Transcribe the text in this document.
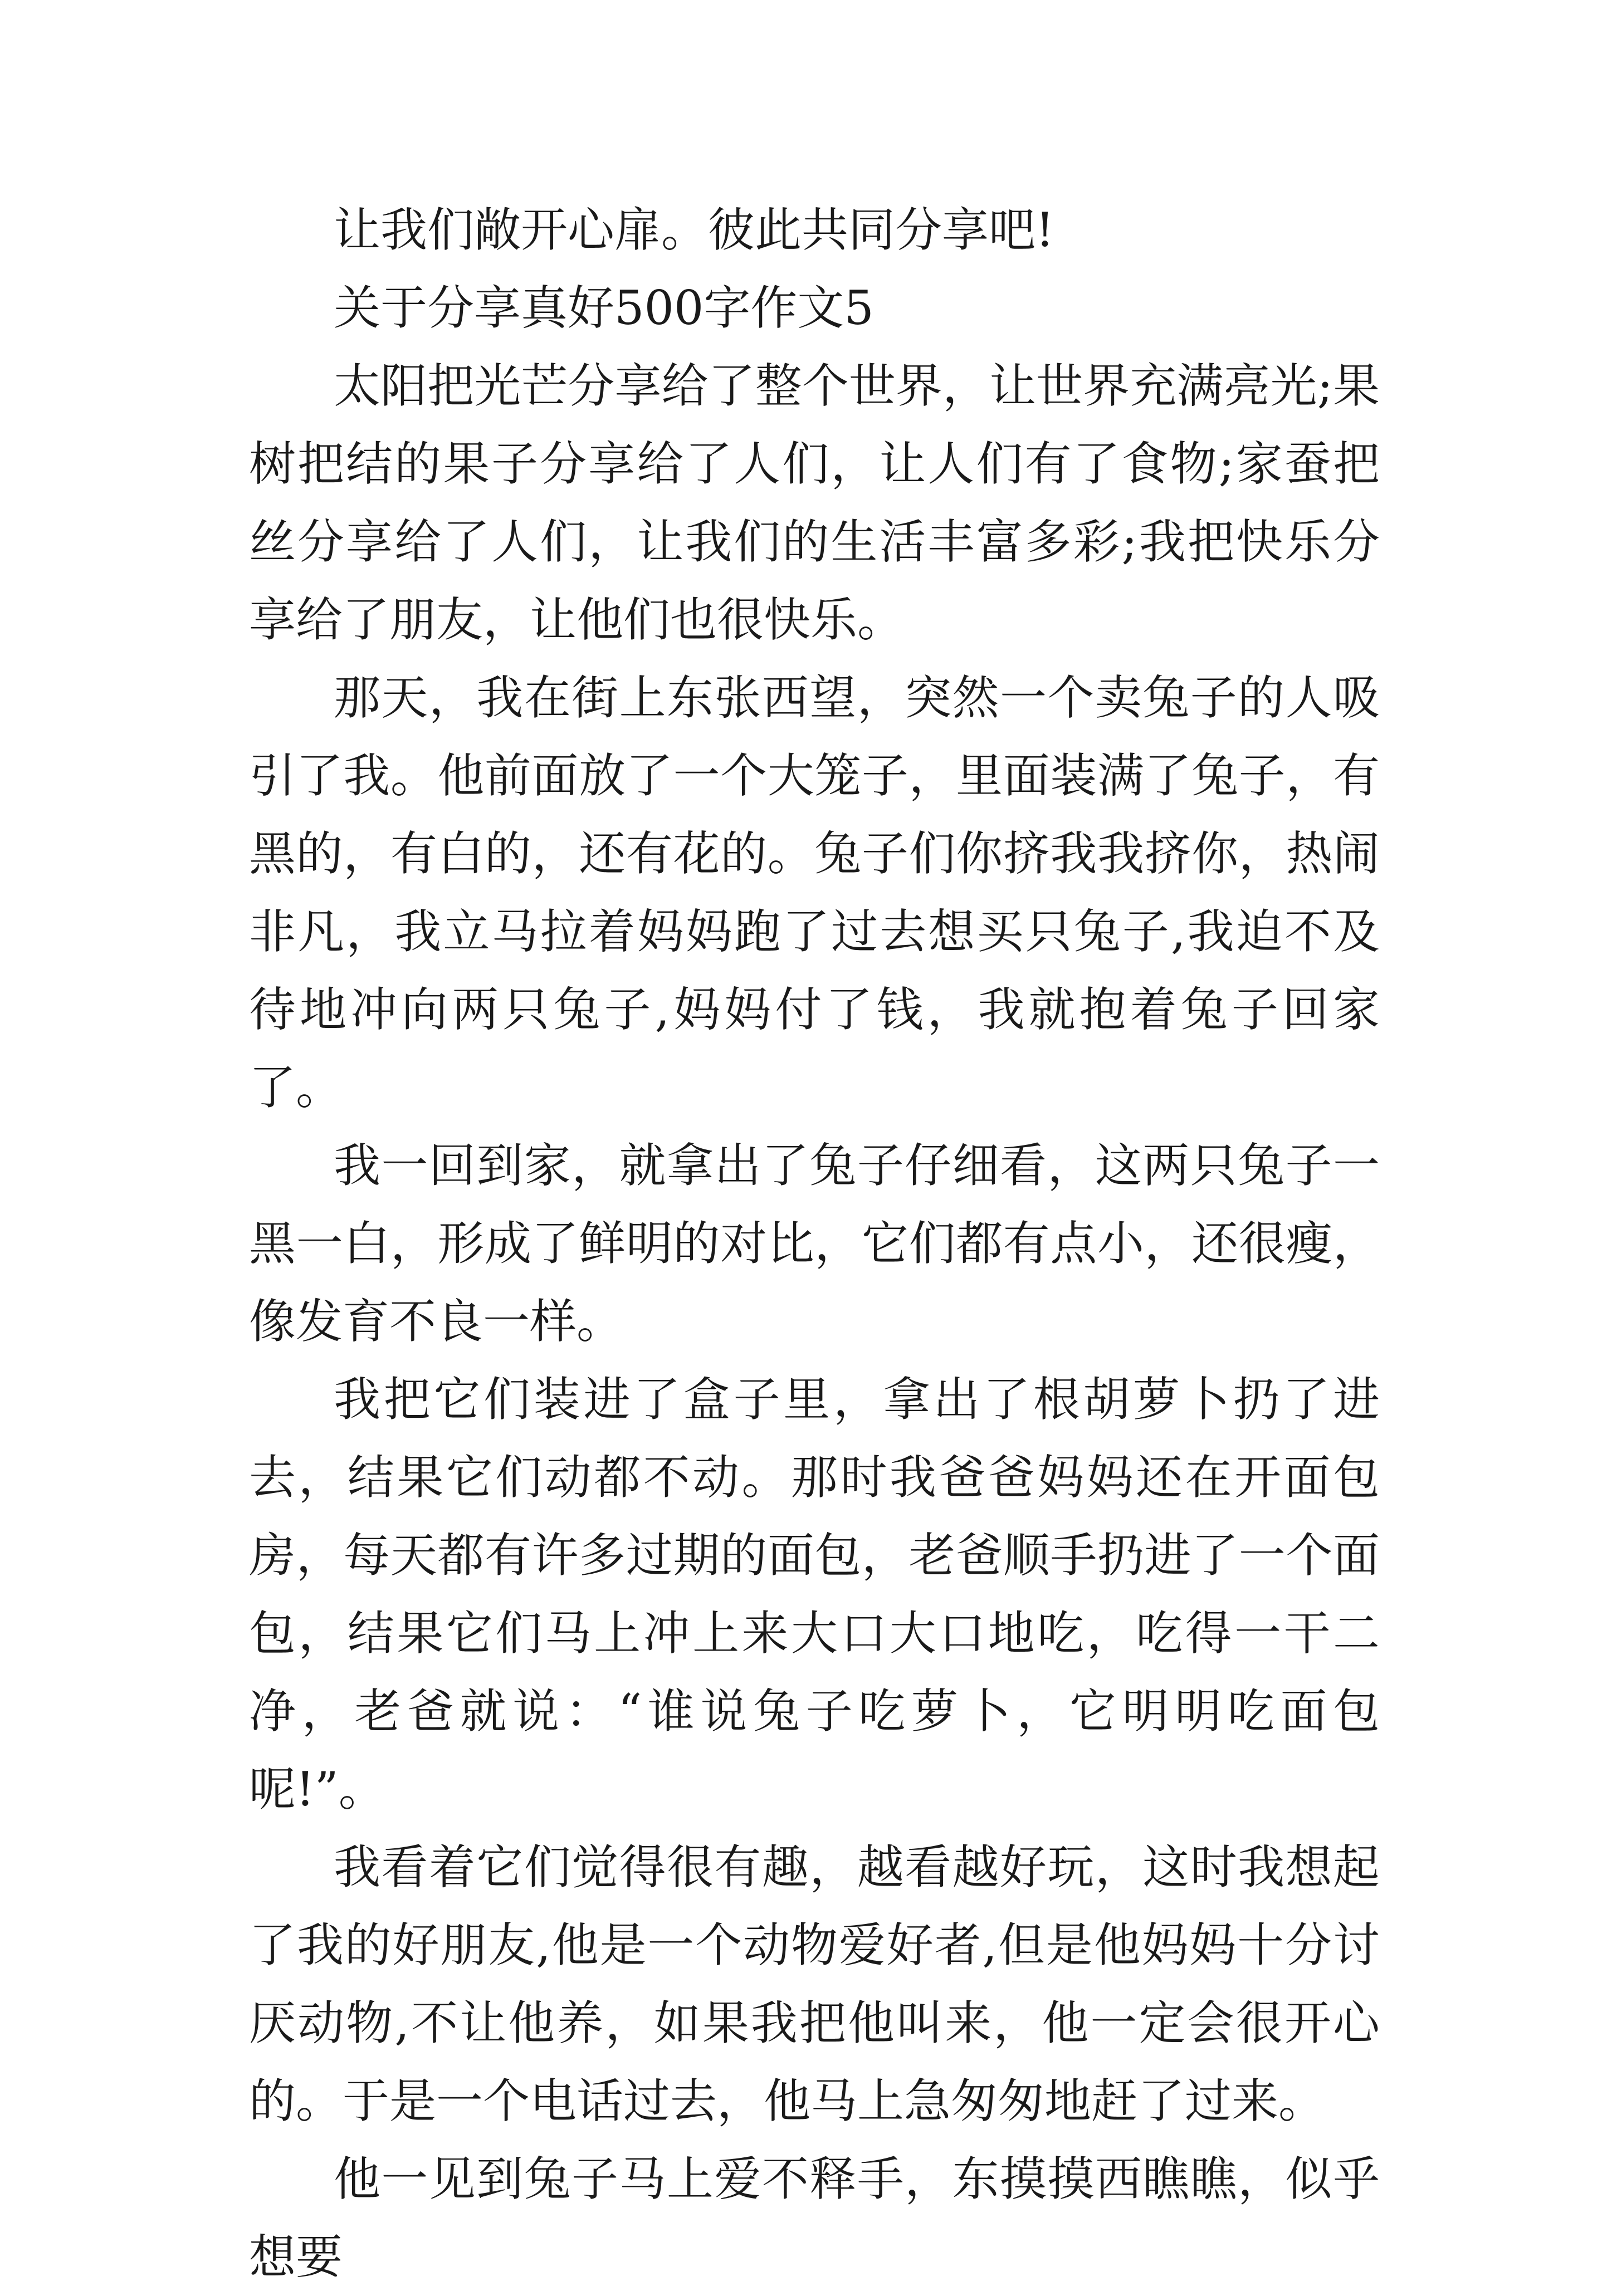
让我们敞开心扉。彼此共同分享吧!

关于分享真好500字作文5

太阳把光芒分享给了整个世界，让世界充满亮光;果树把结的果子分享给了人们，让人们有了食物;家蚕把丝分享给了人们，让我们的生活丰富多彩;我把快乐分享给了朋友，让他们也很快乐。

那天，我在街上东张西望，突然一个卖兔子的人吸引了我。他前面放了一个大笼子，里面装满了兔子，有黑的，有白的，还有花的。兔子们你挤我我挤你，热闹非凡，我立马拉着妈妈跑了过去想买只兔子,我迫不及待地冲向两只兔子,妈妈付了钱，我就抱着兔子回家了。

我一回到家，就拿出了兔子仔细看，这两只兔子一黑一白，形成了鲜明的对比，它们都有点小，还很瘦，像发育不良一样。

我把它们装进了盒子里，拿出了根胡萝卜扔了进去，结果它们动都不动。那时我爸爸妈妈还在开面包房，每天都有许多过期的面包，老爸顺手扔进了一个面包，结果它们马上冲上来大口大口地吃，吃得一干二净，老爸就说：“谁说兔子吃萝卜，它明明吃面包呢!”。

我看着它们觉得很有趣，越看越好玩，这时我想起了我的好朋友,他是一个动物爱好者,但是他妈妈十分讨厌动物,不让他养，如果我把他叫来，他一定会很开心的。于是一个电话过去，他马上急匆匆地赶了过来。

他一见到兔子马上爱不释手，东摸摸西瞧瞧，似乎想要
